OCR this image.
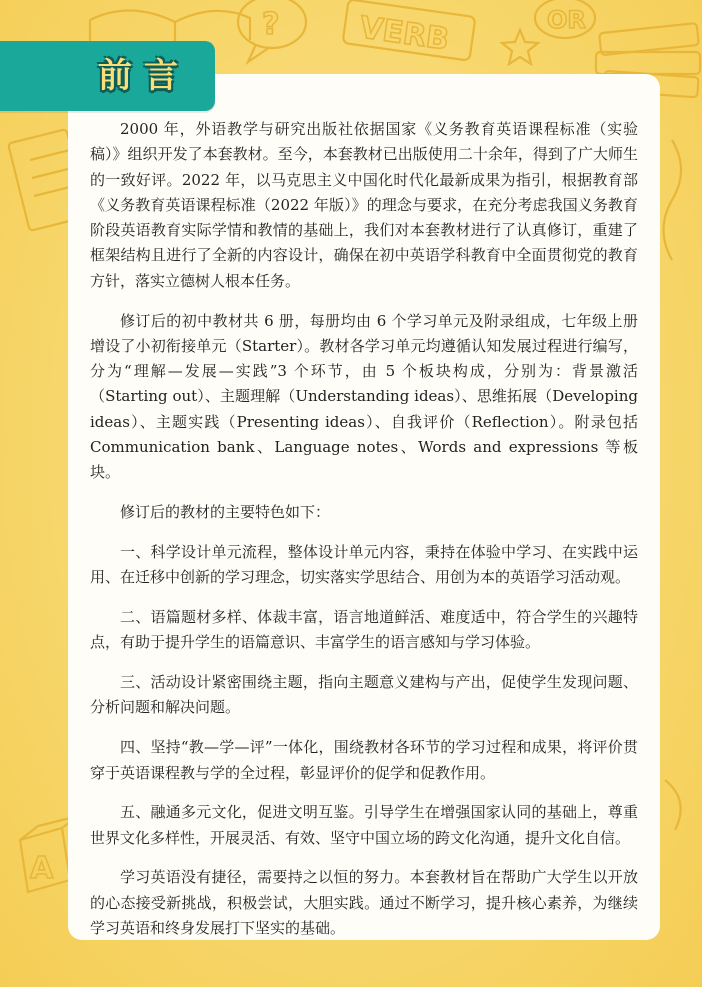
?	VERB	OR
A
前言

2000 年，外语教学与研究出版社依据国家《义务教育英语课程标准（实验稿）》组织开发了本套教材。至今，本套教材已出版使用二十余年，得到了广大师生的一致好评。2022 年，以马克思主义中国化时代化最新成果为指引，根据教育部《义务教育英语课程标准（2022 年版）》的理念与要求，在充分考虑我国义务教育阶段英语教育实际学情和教情的基础上，我们对本套教材进行了认真修订，重建了框架结构且进行了全新的内容设计，确保在初中英语学科教育中全面贯彻党的教育方针，落实立德树人根本任务。

修订后的初中教材共 6 册，每册均由 6 个学习单元及附录组成，七年级上册增设了小初衔接单元（Starter）。教材各学习单元均遵循认知发展过程进行编写，分为“理解—发展—实践”3 个环节，由 5 个板块构成，分别为：背景激活（Starting out）、主题理解（Understanding ideas）、思维拓展（Developing ideas）、主题实践（Presenting ideas）、自我评价（Reflection）。附录包括 Communication bank、Language notes、Words and expressions 等板块。

修订后的教材的主要特色如下：

一、科学设计单元流程，整体设计单元内容，秉持在体验中学习、在实践中运用、在迁移中创新的学习理念，切实落实学思结合、用创为本的英语学习活动观。

二、语篇题材多样、体裁丰富，语言地道鲜活、难度适中，符合学生的兴趣特点，有助于提升学生的语篇意识、丰富学生的语言感知与学习体验。

三、活动设计紧密围绕主题，指向主题意义建构与产出，促使学生发现问题、分析问题和解决问题。

四、坚持“教—学—评”一体化，围绕教材各环节的学习过程和成果，将评价贯穿于英语课程教与学的全过程，彰显评价的促学和促教作用。

五、融通多元文化，促进文明互鉴。引导学生在增强国家认同的基础上，尊重世界文化多样性，开展灵活、有效、坚守中国立场的跨文化沟通，提升文化自信。

学习英语没有捷径，需要持之以恒的努力。本套教材旨在帮助广大学生以开放的心态接受新挑战，积极尝试，大胆实践。通过不断学习，提升核心素养，为继续学习英语和终身发展打下坚实的基础。
